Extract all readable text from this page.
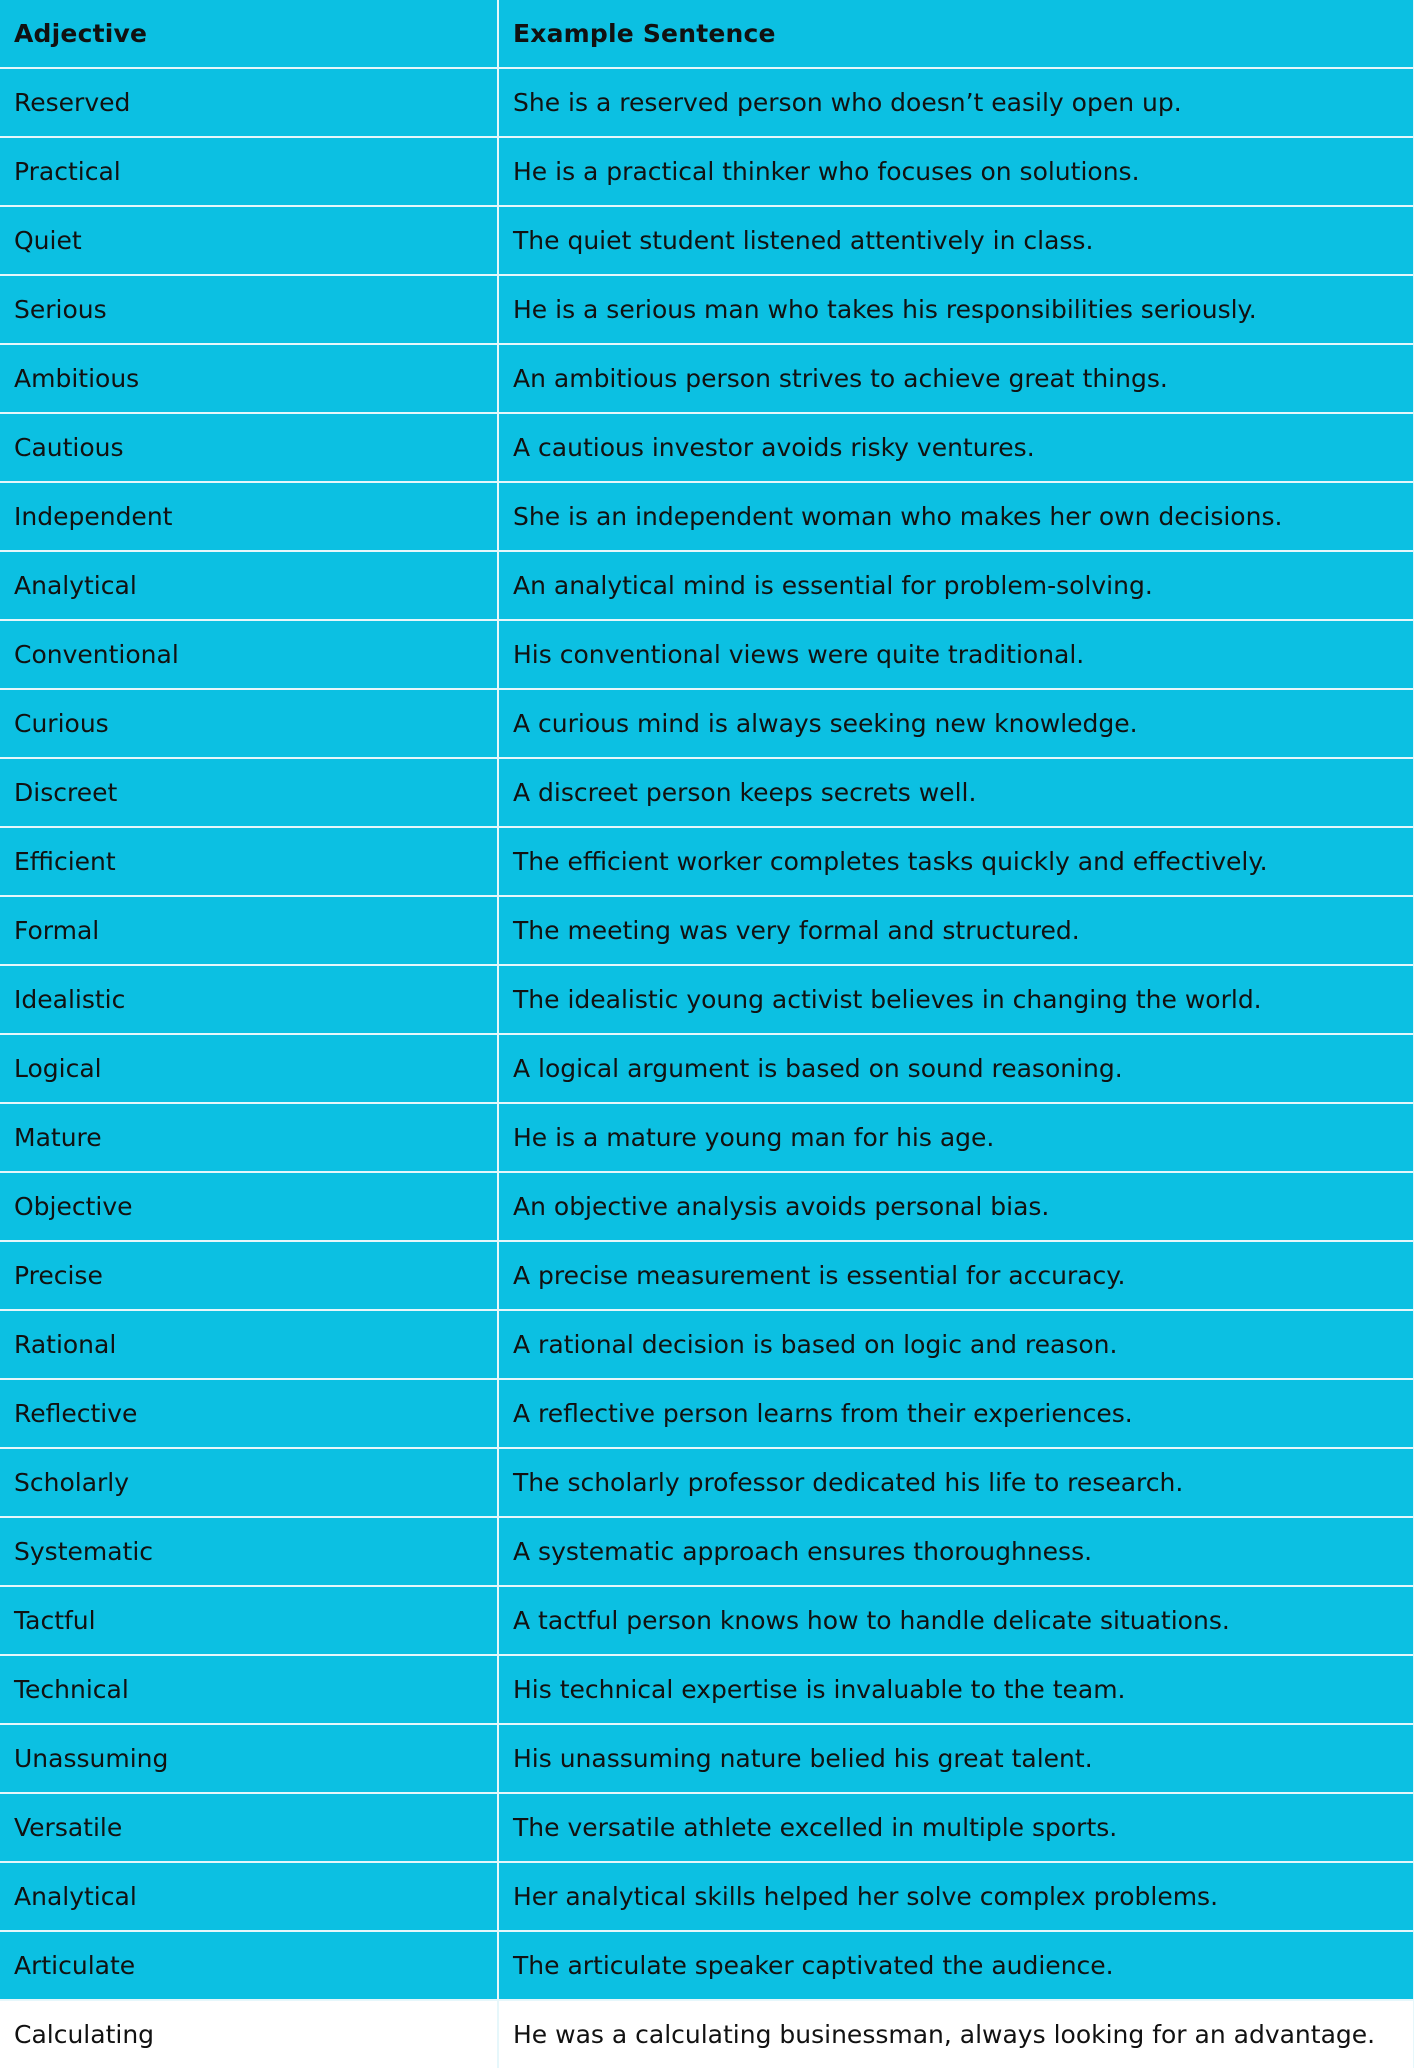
Adjective	Example Sentence
Reserved	She is a reserved person who doesn’t easily open up.
Practical	He is a practical thinker who focuses on solutions.
Quiet	The quiet student listened attentively in class.
Serious	He is a serious man who takes his responsibilities seriously.
Ambitious	An ambitious person strives to achieve great things.
Cautious	A cautious investor avoids risky ventures.
Independent	She is an independent woman who makes her own decisions.
Analytical	An analytical mind is essential for problem-solving.
Conventional	His conventional views were quite traditional.
Curious	A curious mind is always seeking new knowledge.
Discreet	A discreet person keeps secrets well.
Efficient	The efficient worker completes tasks quickly and effectively.
Formal	The meeting was very formal and structured.
Idealistic	The idealistic young activist believes in changing the world.
Logical	A logical argument is based on sound reasoning.
Mature	He is a mature young man for his age.
Objective	An objective analysis avoids personal bias.
Precise	A precise measurement is essential for accuracy.
Rational	A rational decision is based on logic and reason.
Reflective	A reflective person learns from their experiences.
Scholarly	The scholarly professor dedicated his life to research.
Systematic	A systematic approach ensures thoroughness.
Tactful	A tactful person knows how to handle delicate situations.
Technical	His technical expertise is invaluable to the team.
Unassuming	His unassuming nature belied his great talent.
Versatile	The versatile athlete excelled in multiple sports.
Analytical	Her analytical skills helped her solve complex problems.
Articulate	The articulate speaker captivated the audience.
Calculating	He was a calculating businessman, always looking for an advantage.
